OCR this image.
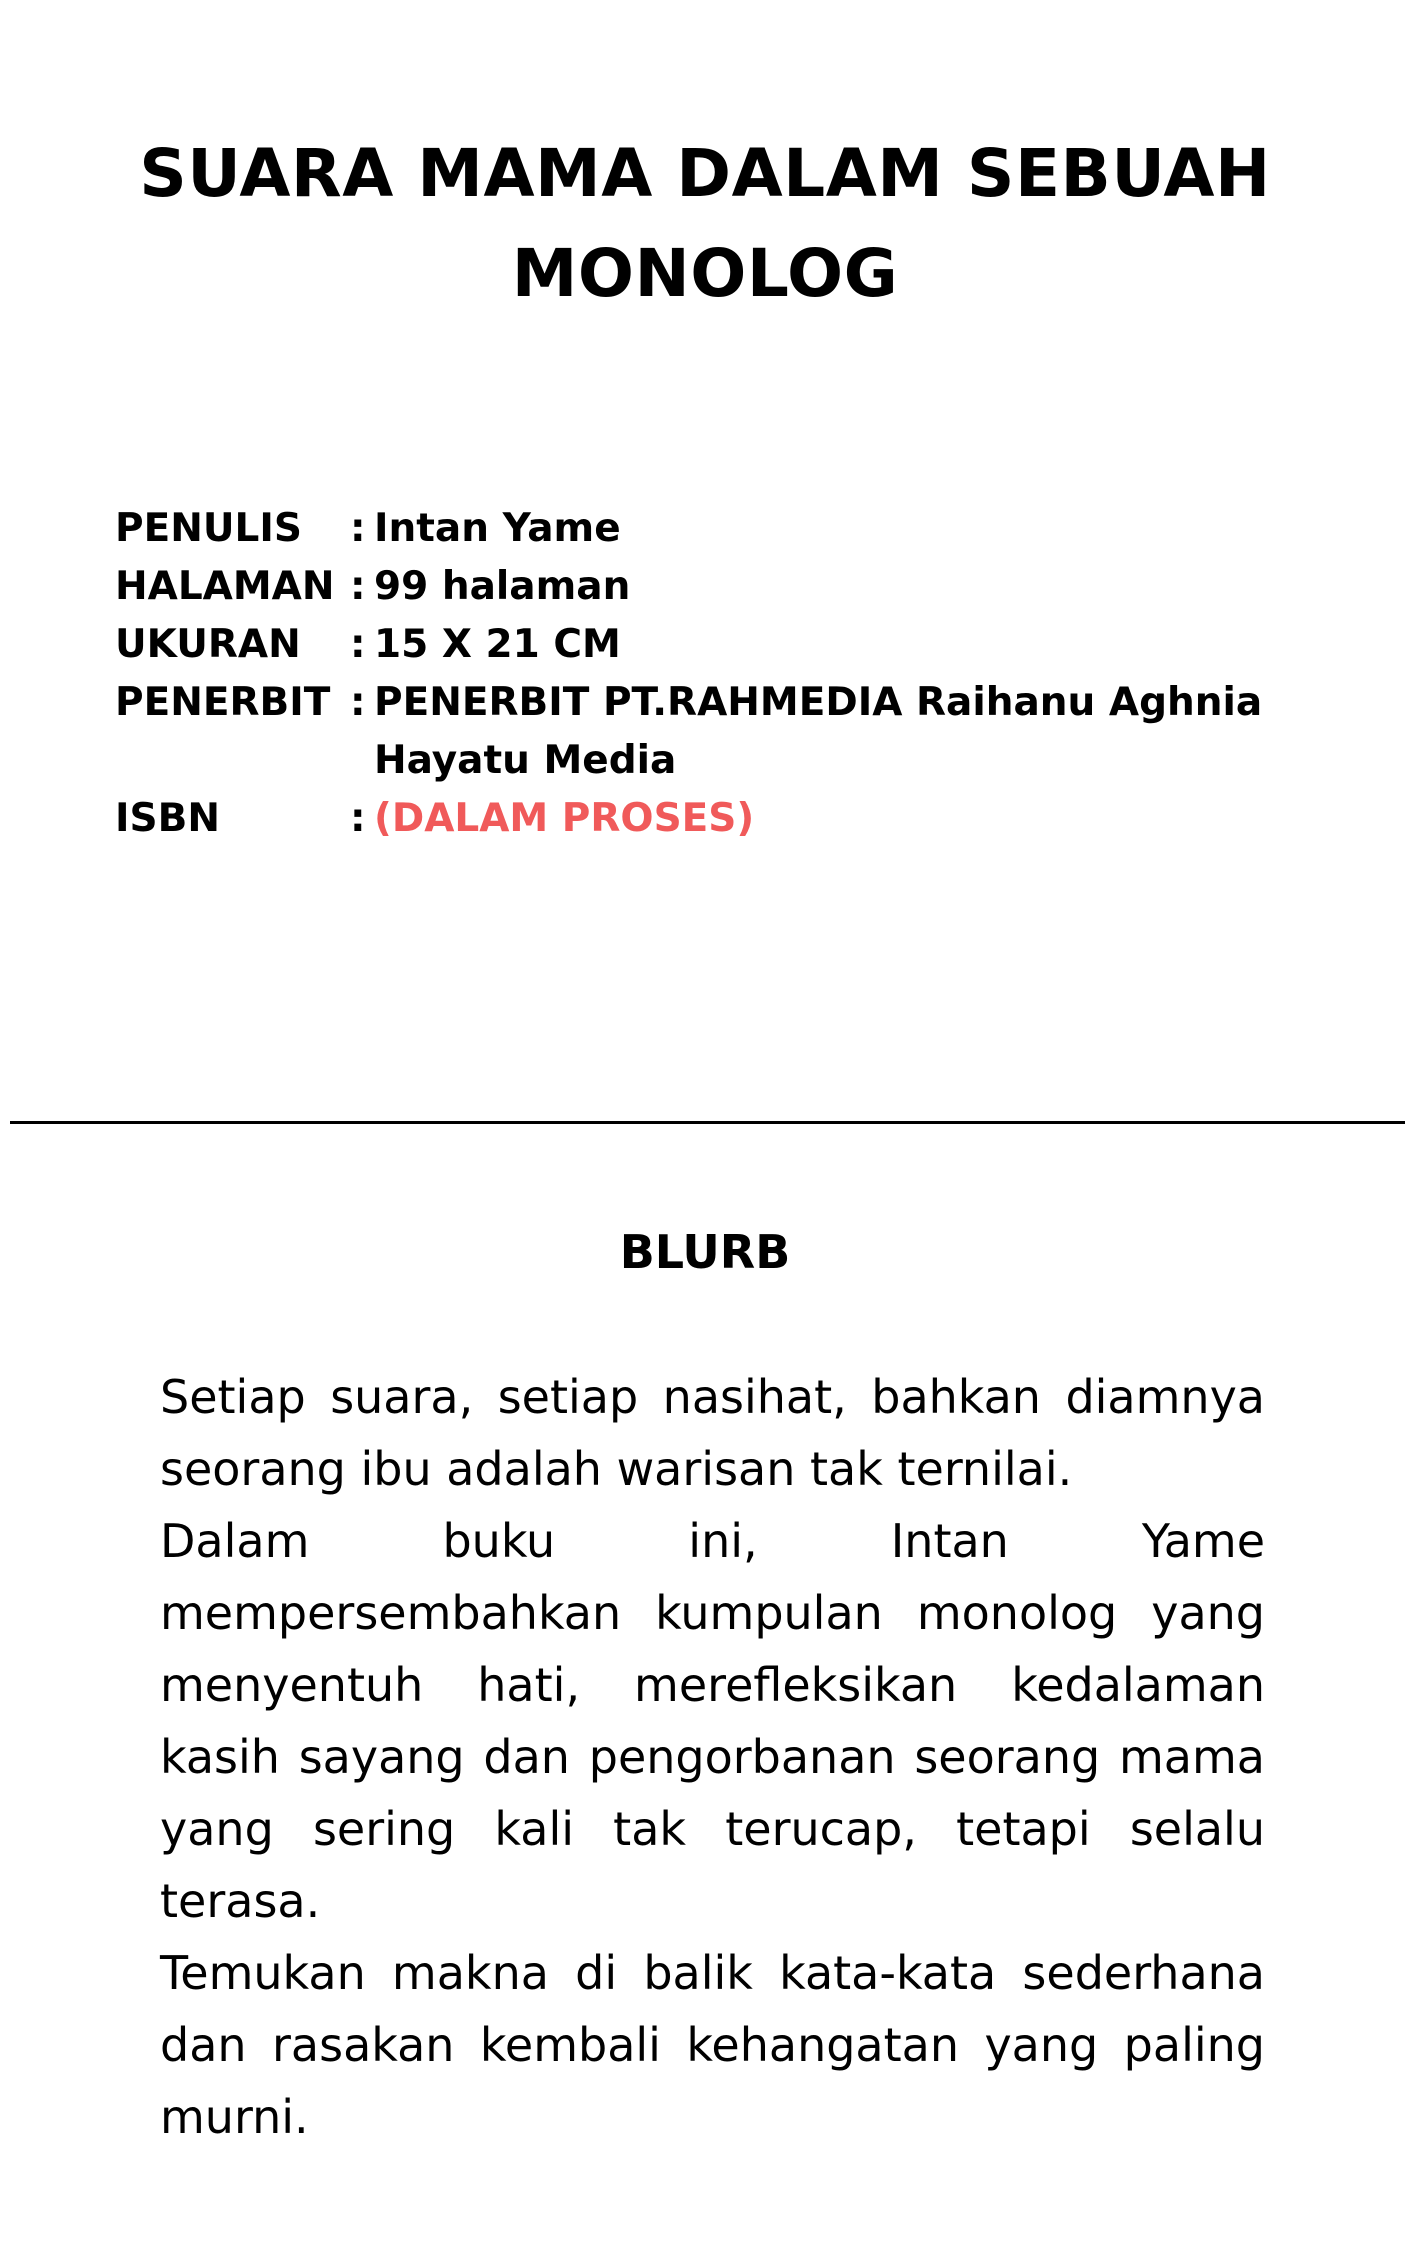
SUARA MAMA DALAM SEBUAH
MONOLOG
PENULIS	: Intan Yame
HALAMAN : 99 halaman
UKURAN	: 15 X 21 CM
PENERBIT : PENERBIT PT.RAHMEDIA Raihanu Aghnia Hayatu Media
ISBN	: (DALAM PROSES)
BLURB

Setiap suara, setiap nasihat, bahkan diamnya seorang ibu adalah warisan tak ternilai.

Dalam buku ini, Intan Yame mempersembahkan kumpulan monolog yang menyentuh hati, merefleksikan kedalaman kasih sayang dan pengorbanan seorang mama yang sering kali tak terucap, tetapi selalu terasa.

Temukan makna di balik kata-kata sederhana dan rasakan kembali kehangatan yang paling murni.
